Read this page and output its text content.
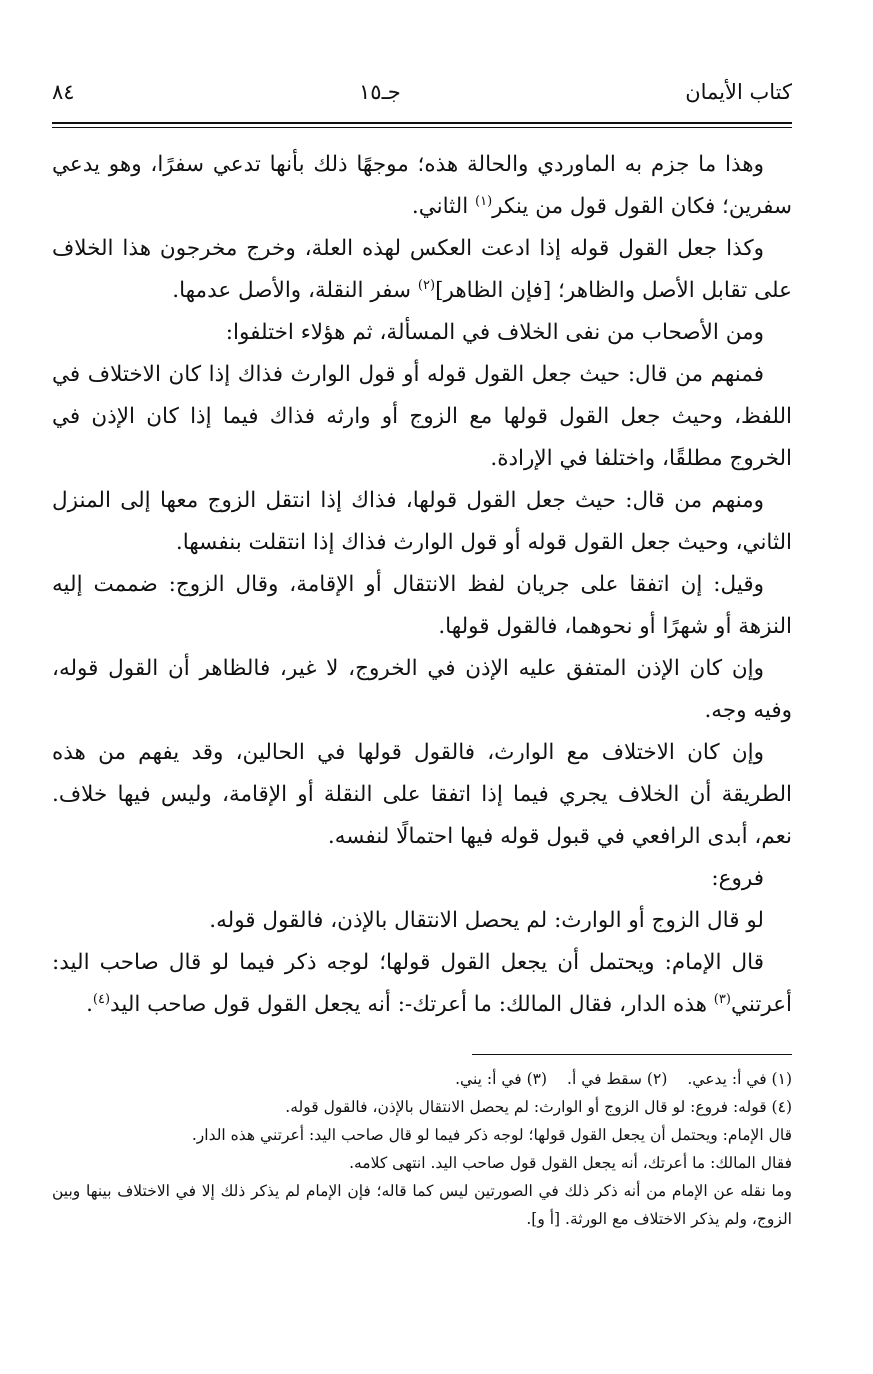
كتاب الأيمان
جـ١٥
٨٤

وهذا ما جزم به الماوردي والحالة هذه؛ موجهًا ذلك بأنها تدعي سفرًا، وهو يدعي سفرين؛ فكان القول قول من ينكر$^{(١)}$ الثاني.

وكذا جعل القول قوله إذا ادعت العكس لهذه العلة، وخرج مخرجون هذا الخلاف على تقابل الأصل والظاهر؛ [فإن الظاهر]$^{(٢)}$ سفر النقلة، والأصل عدمها.

ومن الأصحاب من نفى الخلاف في المسألة، ثم هؤلاء اختلفوا:

فمنهم من قال: حيث جعل القول قوله أو قول الوارث فذاك إذا كان الاختلاف في اللفظ، وحيث جعل القول قولها مع الزوج أو وارثه فذاك فيما إذا كان الإذن في الخروج مطلقًا، واختلفا في الإرادة.

ومنهم من قال: حيث جعل القول قولها، فذاك إذا انتقل الزوج معها إلى المنزل الثاني، وحيث جعل القول قوله أو قول الوارث فذاك إذا انتقلت بنفسها.

وقيل: إن اتفقا على جريان لفظ الانتقال أو الإقامة، وقال الزوج: ضممت إليه النزهة أو شهرًا أو نحوهما، فالقول قولها.

وإن كان الإذن المتفق عليه الإذن في الخروج، لا غير، فالظاهر أن القول قوله، وفيه وجه.

وإن كان الاختلاف مع الوارث، فالقول قولها في الحالين، وقد يفهم من هذه الطريقة أن الخلاف يجري فيما إذا اتفقا على النقلة أو الإقامة، وليس فيها خلاف. نعم، أبدى الرافعي في قبول قوله فيها احتمالًا لنفسه.

فروع:

لو قال الزوج أو الوارث: لم يحصل الانتقال بالإذن، فالقول قوله.

قال الإمام: ويحتمل أن يجعل القول قولها؛ لوجه ذكر فيما لو قال صاحب اليد: أعرتني$^{(٣)}$ هذه الدار، فقال المالك: ما أعرتك-: أنه يجعل القول قول صاحب اليد$^{(٤)}$.

(١) في أ: يدعي.
(٢) سقط في أ.
(٣) في أ: يني.

(٤) قوله: فروع: لو قال الزوج أو الوارث: لم يحصل الانتقال بالإذن، فالقول قوله.

قال الإمام: ويحتمل أن يجعل القول قولها؛ لوجه ذكر فيما لو قال صاحب اليد: أعرتني هذه الدار.

فقال المالك: ما أعرتك، أنه يجعل القول قول صاحب اليد. انتهى كلامه.

وما نقله عن الإمام من أنه ذكر ذلك في الصورتين ليس كما قاله؛ فإن الإمام لم يذكر ذلك إلا في الاختلاف بينها وبين الزوج، ولم يذكر الاختلاف مع الورثة. [أ و].
